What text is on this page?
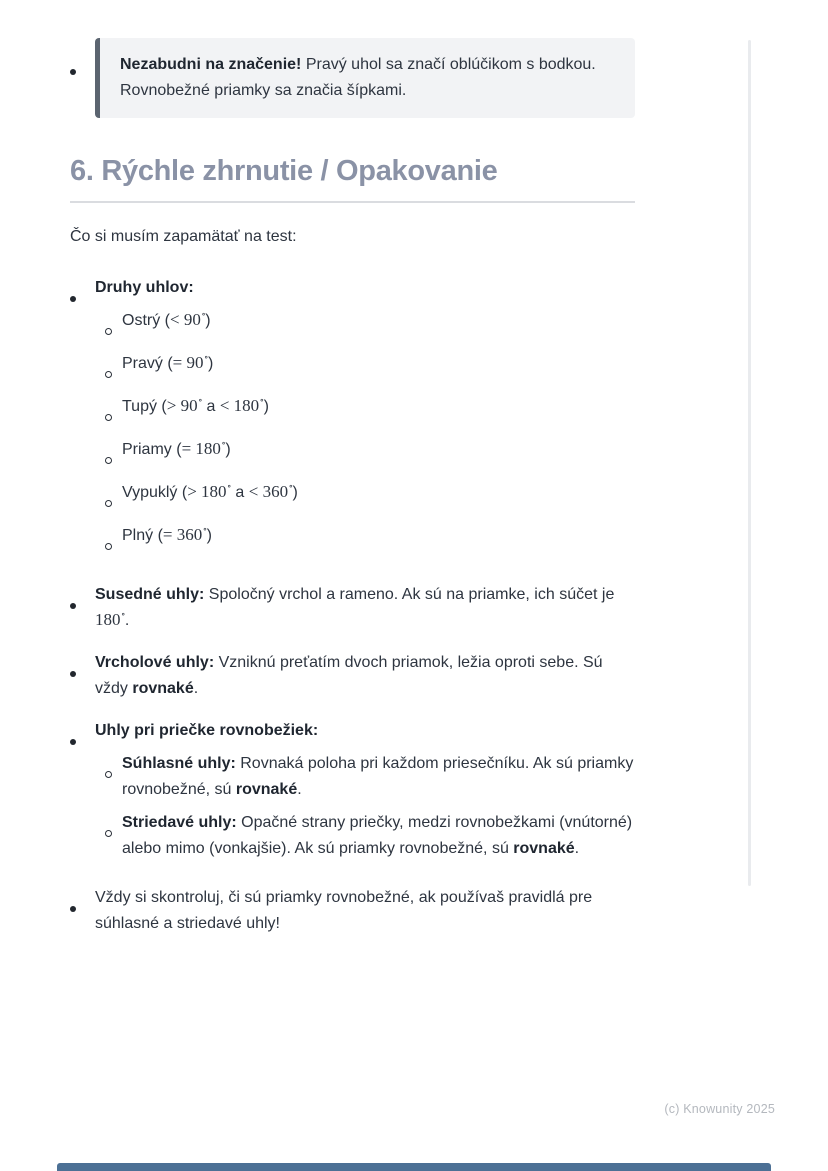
Nezabudni na značenie! Pravý uhol sa značí oblúčikom s bodkou. Rovnobežné priamky sa značia šípkami.
6. Rýchle zhrnutie / Opakovanie

Čo si musím zapamätať na test:

Druhy uhlov:
Ostrý (< 90∘)
Pravý (= 90∘)
Tupý (> 90∘ a < 180∘)
Priamy (= 180∘)
Vypuklý (> 180∘ a < 360∘)
Plný (= 360∘)
Susedné uhly: Spoločný vrchol a rameno. Ak sú na priamke, ich súčet je 180∘.
Vrcholové uhly: Vzniknú preťatím dvoch priamok, ležia oproti sebe. Sú vždy rovnaké.
Uhly pri priečke rovnobežiek:
Súhlasné uhly: Rovnaká poloha pri každom priesečníku. Ak sú priamky rovnobežné, sú rovnaké.
Striedavé uhly: Opačné strany priečky, medzi rovnobežkami (vnútorné) alebo mimo (vonkajšie). Ak sú priamky rovnobežné, sú rovnaké.
Vždy si skontroluj, či sú priamky rovnobežné, ak používaš pravidlá pre súhlasné a striedavé uhly!
(c) Knowunity 2025
